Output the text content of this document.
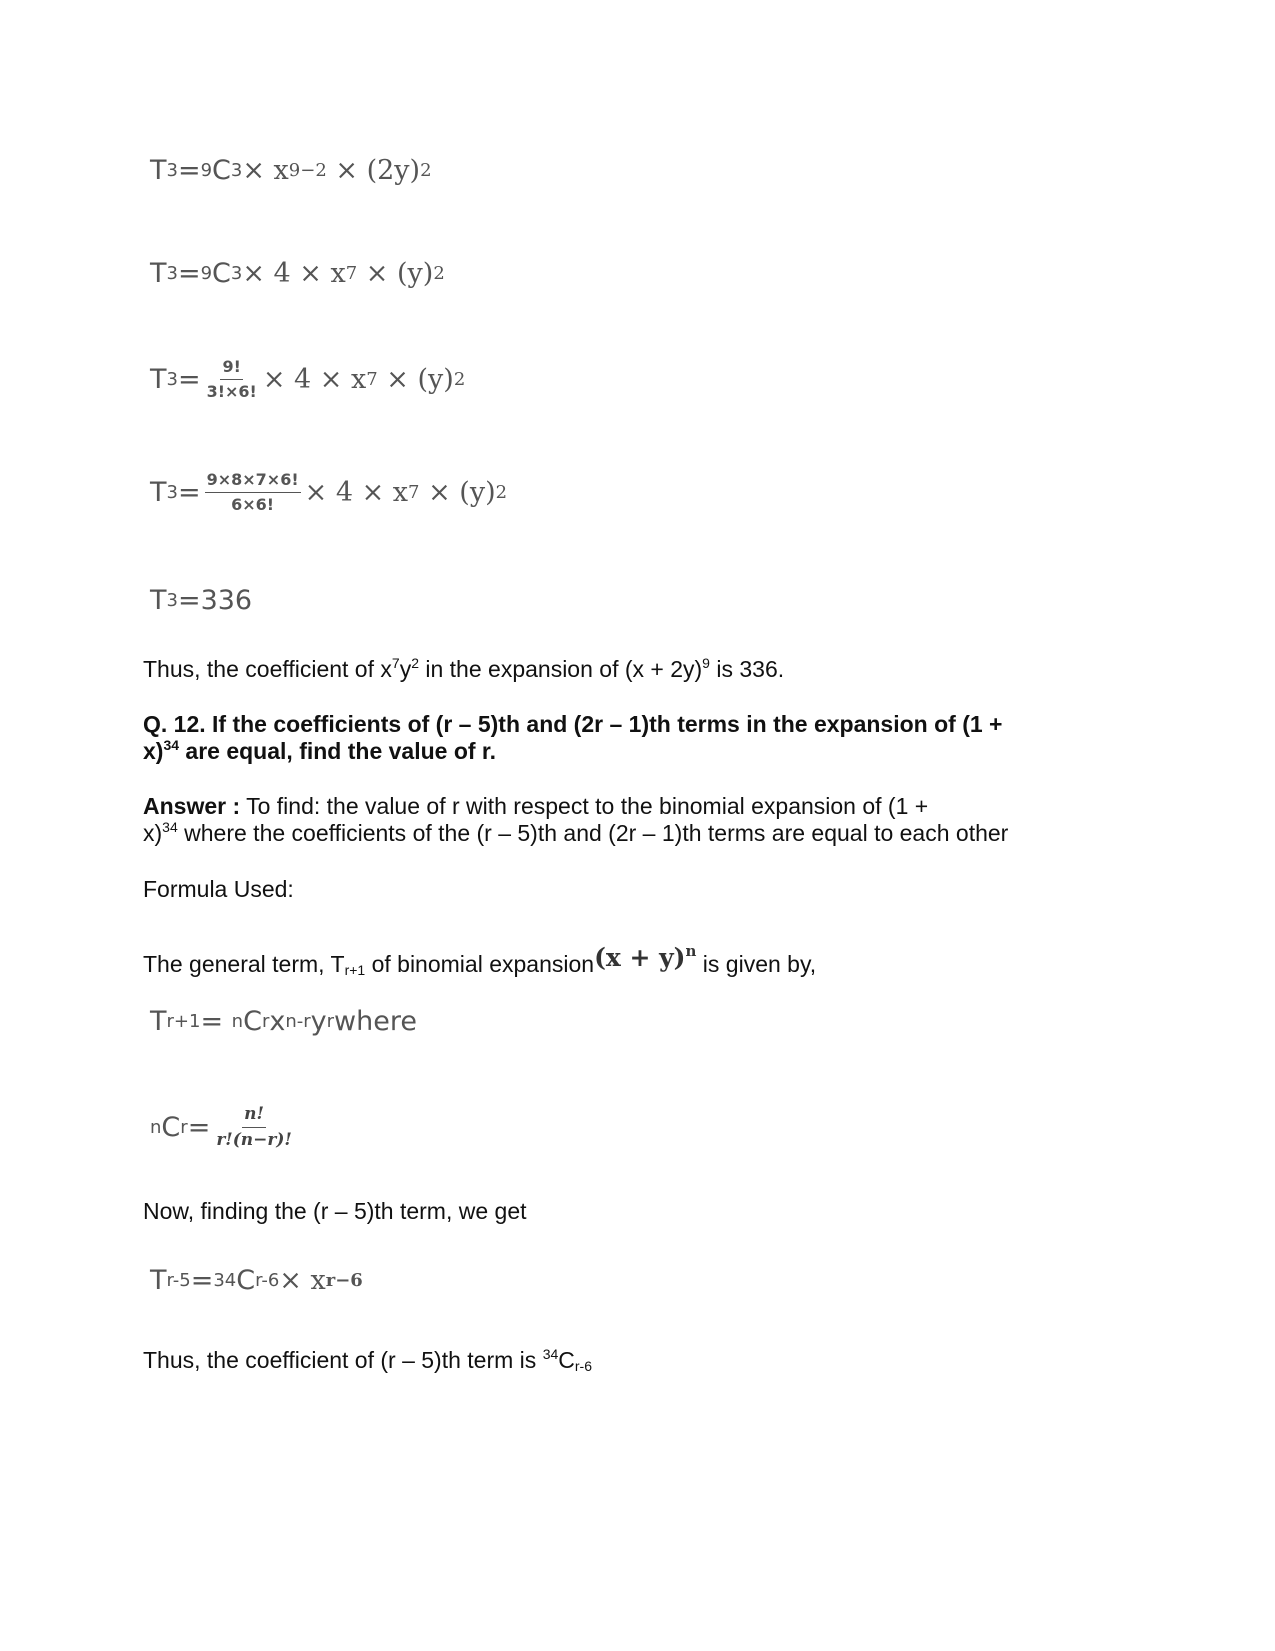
T 3 = 9 C 3 × x 9−2
× (2y) 2
T 3 = 9 C 3 × 4 × x 7
× (y) 2
T $3 = \frac{9!}{3!\times 6!} \times 4 \times x$ 7
× (y) 2
T $3 = \frac{9\times 8\times 7\times 6!}{6\times 6!} \times 4 \times x$ 7
× (y) 2
T 3 =336
Thus, the coefficient of $x^7y^2$ in the expansion of $(x + 2y)^9$ is 336.
Q. 12. If the coefficients of (r – 5)th and (2r – 1)th terms in the expansion of (1 +
x)$^{34}$ are equal, find the value of r.
Answer : To find: the value of r with respect to the binomial expansion of (1 +
x)$^{34}$ where the coefficients of the (r – 5)th and (2r – 1)th terms are equal to each other
Formula Used:
The general term, $T_{r+1}$ of binomial expansion(x + y)$^n$ is given by,
T r+1 =
n C r x n-r y r where
n C $r = \frac{n!}{r!(n-r)!}$
Now, finding the (r – 5)th term, we get
T r-5 = 34 C r-6 × x r−6
Thus, the coefficient of (r – 5)th term is $^{34}C_{r-6}$
